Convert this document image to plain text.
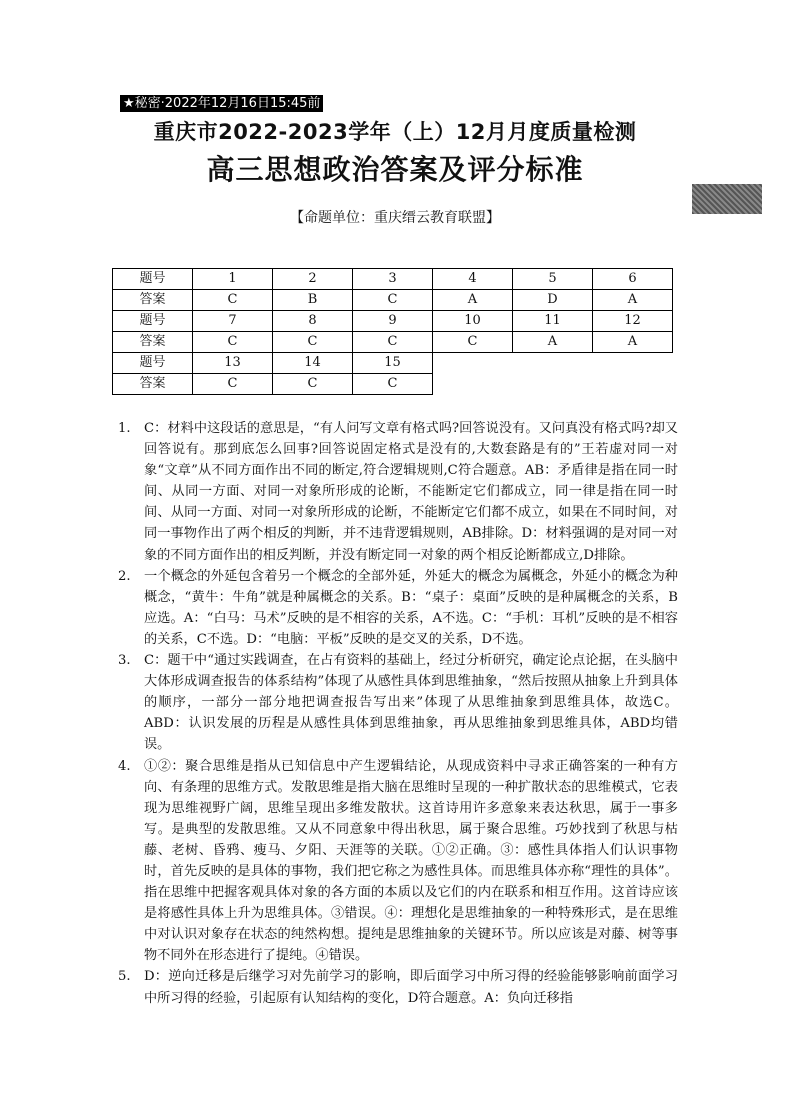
★秘密·2022年12月16日15:45前
重庆市2022-2023学年（上）12月月度质量检测
高三思想政治答案及评分标准
【命题单位：重庆缙云教育联盟】
题号	1	2	3	4	5	6
答案	C	B	C	A	D	A
题号	7	8	9	10	11	12
答案	C	C	C	C	A	A
题号	13	14	15			
答案	C	C	C			
1.	C：材料中这段话的意思是，“有人问写文章有格式吗?回答说没有。又问真没有格式吗?却又回答说有。那到底怎么回事?回答说固定格式是没有的,大数套路是有的”王若虚对同一对象“文章”从不同方面作出不同的断定,符合逻辑规则,C符合题意。AB：矛盾律是指在同一时间、从同一方面、对同一对象所形成的论断，不能断定它们都成立，同一律是指在同一时间、从同一方面、对同一对象所形成的论断，不能断定它们都不成立，如果在不同时间，对同一事物作出了两个相反的判断，并不违背逻辑规则，AB排除。D：材料强调的是对同一对象的不同方面作出的相反判断，并没有断定同一对象的两个相反论断都成立,D排除。
2.	一个概念的外延包含着另一个概念的全部外延，外延大的概念为属概念，外延小的概念为种概念，“黄牛：牛角”就是种属概念的关系。B：“桌子：桌面”反映的是种属概念的关系，B应选。A：“白马：马术”反映的是不相容的关系，A不选。C：“手机：耳机”反映的是不相容的关系，C不选。D：“电脑：平板”反映的是交叉的关系，D不选。
3.	C：题干中“通过实践调查，在占有资料的基础上，经过分析研究，确定论点论据，在头脑中大体形成调查报告的体系结构”体现了从感性具体到思维抽象，“然后按照从抽象上升到具体的顺序，一部分一部分地把调查报告写出来”体现了从思维抽象到思维具体，故选C。ABD：认识发展的历程是从感性具体到思维抽象，再从思维抽象到思维具体，ABD均错误。
4.	①②：聚合思维是指从已知信息中产生逻辑结论，从现成资料中寻求正确答案的一种有方向、有条理的思维方式。发散思维是指大脑在思维时呈现的一种扩散状态的思维模式，它表现为思维视野广阔，思维呈现出多维发散状。这首诗用许多意象来表达秋思，属于一事多写。是典型的发散思维。又从不同意象中得出秋思，属于聚合思维。巧妙找到了秋思与枯藤、老树、昏鸦、瘦马、夕阳、天涯等的关联。①②正确。③：感性具体指人们认识事物时，首先反映的是具体的事物，我们把它称之为感性具体。而思维具体亦称“理性的具体”。指在思维中把握客观具体对象的各方面的本质以及它们的内在联系和相互作用。这首诗应该是将感性具体上升为思维具体。③错误。④：理想化是思维抽象的一种特殊形式，是在思维中对认识对象存在状态的纯然构想。提纯是思维抽象的关键环节。所以应该是对藤、树等事物不同外在形态进行了提纯。④错误。
5.	D：逆向迁移是后继学习对先前学习的影响，即后面学习中所习得的经验能够影响前面学习中所习得的经验，引起原有认知结构的变化，D符合题意。A：负向迁移指
